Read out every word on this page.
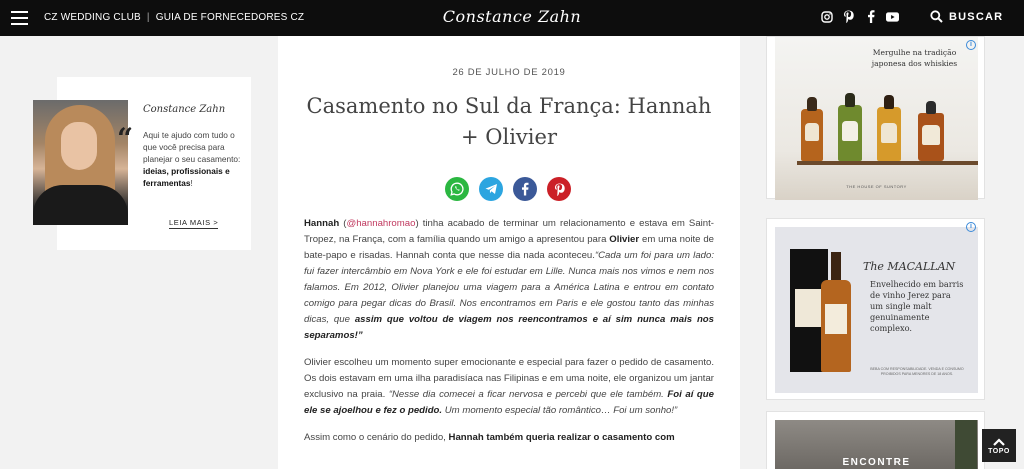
CZ WEDDING CLUB | GUIA DE FORNECEDORES CZ	Constance Zahn	BUSCAR
Constance Zahn
“ Aqui te ajudo com tudo o que você precisa para planejar o seu casamento: ideias, profissionais e ferramentas!
LEIA MAIS >
26 DE JULHO DE 2019
Casamento no Sul da França: Hannah + Olivier

Hannah (@hannahromao) tinha acabado de terminar um relacionamento e estava em Saint-Tropez, na França, com a família quando um amigo a apresentou para Olivier em uma noite de bate-papo e risadas. Hannah conta que nesse dia nada aconteceu.“Cada um foi para um lado: fui fazer intercâmbio em Nova York e ele foi estudar em Lille. Nunca mais nos vimos e nem nos falamos. Em 2012, Olivier planejou uma viagem para a América Latina e entrou em contato comigo para pegar dicas do Brasil. Nos encontramos em Paris e ele gostou tanto das minhas dicas, que assim que voltou de viagem nos reencontramos e aí sim nunca mais nos separamos!”

Olivier escolheu um momento super emocionante e especial para fazer o pedido de casamento. Os dois estavam em uma ilha paradisíaca nas Filipinas e em uma noite, ele organizou um jantar exclusivo na praia. “Nesse dia comecei a ficar nervosa e percebi que ele também. Foi aí que ele se ajoelhou e fez o pedido. Um momento especial tão romântico… Foi um sonho!”

Assim como o cenário do pedido, Hannah também queria realizar o casamento com

Mergulhe na tradição japonesa dos whiskies
THE HOUSE OF SUNTORY
i
The MACALLAN
Envelhecido em barris de vinho Jerez para um single malt genuinamente complexo.
BEBA COM RESPONSABILIDADE. VENDA E CONSUMO PROIBIDOS PARA MENORES DE 18 ANOS.
i
ENCONTRE
TOPO
